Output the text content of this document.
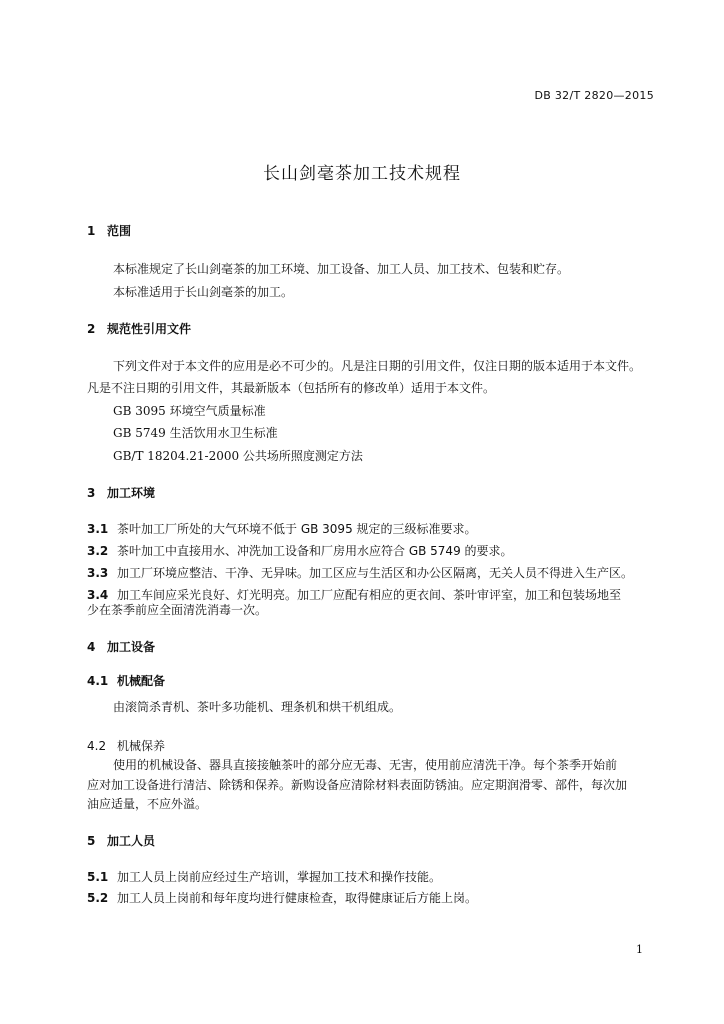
DB 32/T 2820—2015
长山剑毫茶加工技术规程
1 范围
本标准规定了长山剑毫茶的加工环境、加工设备、加工人员、加工技术、包装和贮存。
本标准适用于长山剑毫茶的加工。
2 规范性引用文件
下列文件对于本文件的应用是必不可少的。凡是注日期的引用文件，仅注日期的版本适用于本文件。
凡是不注日期的引用文件，其最新版本（包括所有的修改单）适用于本文件。
GB 3095 环境空气质量标准
GB 5749 生活饮用水卫生标准
GB/T 18204.21-2000 公共场所照度测定方法
3 加工环境
3.1 茶叶加工厂所处的大气环境不低于 GB 3095 规定的三级标准要求。
3.2 茶叶加工中直接用水、冲洗加工设备和厂房用水应符合 GB 5749 的要求。
3.3 加工厂环境应整洁、干净、无异味。加工区应与生活区和办公区隔离，无关人员不得进入生产区。
3.4 加工车间应采光良好、灯光明亮。加工厂应配有相应的更衣间、茶叶审评室，加工和包装场地至
少在茶季前应全面清洗消毒一次。
4 加工设备
4.1 机械配备
由滚筒杀青机、茶叶多功能机、理条机和烘干机组成。
4.2 机械保养
使用的机械设备、器具直接接触茶叶的部分应无毒、无害，使用前应清洗干净。每个茶季开始前
应对加工设备进行清洁、除锈和保养。新购设备应清除材料表面防锈油。应定期润滑零、部件，每次加
油应适量，不应外溢。
5 加工人员
5.1 加工人员上岗前应经过生产培训，掌握加工技术和操作技能。
5.2 加工人员上岗前和每年度均进行健康检查，取得健康证后方能上岗。
1
